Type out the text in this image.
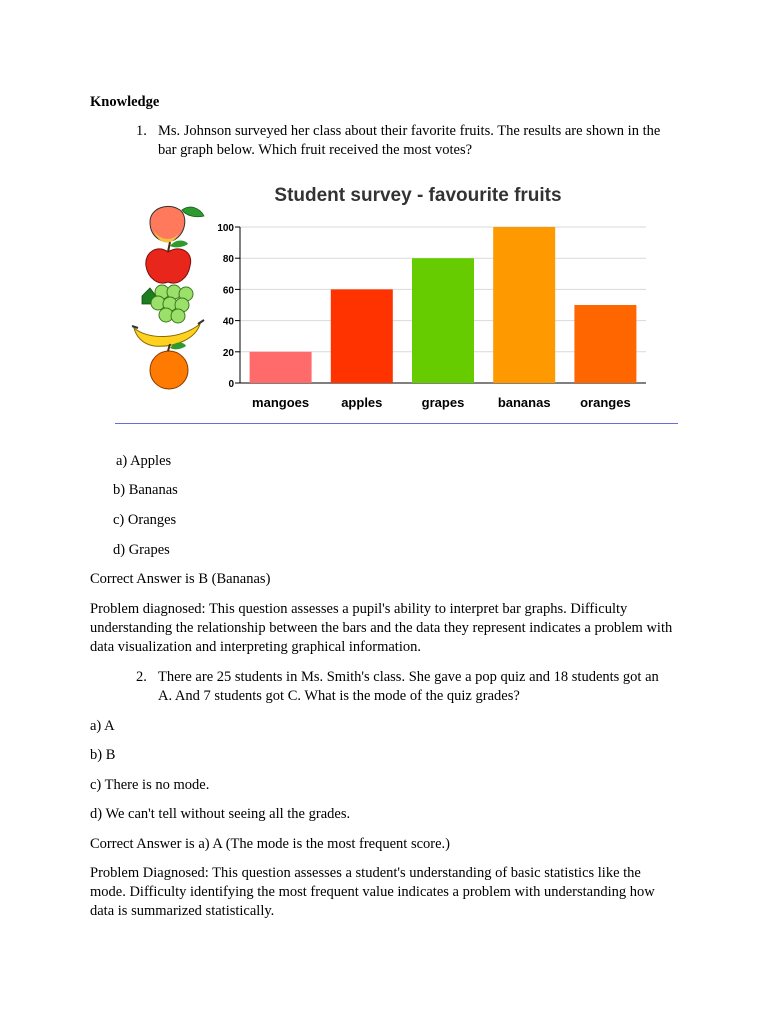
Knowledge
1. Ms. Johnson surveyed her class about their favorite fruits. The results are shown in the bar graph below. Which fruit received the most votes?
Student survey - favourite fruits
0
20
40
60
80
100
mangoes apples	grapes	bananas oranges
a) Apples
b) Bananas
c) Oranges
d) Grapes
Correct Answer is B (Bananas)
Problem diagnosed: This question assesses a pupil's ability to interpret bar graphs. Difficulty understanding the relationship between the bars and the data they represent indicates a problem with data visualization and interpreting graphical information.
2. There are 25 students in Ms. Smith's class. She gave a pop quiz and 18 students got an A. And 7 students got C. What is the mode of the quiz grades?
a) A
b) B
c) There is no mode.
d) We can't tell without seeing all the grades.
Correct Answer is a) A (The mode is the most frequent score.)
Problem Diagnosed: This question assesses a student's understanding of basic statistics like the mode. Difficulty identifying the most frequent value indicates a problem with understanding how data is summarized statistically.
